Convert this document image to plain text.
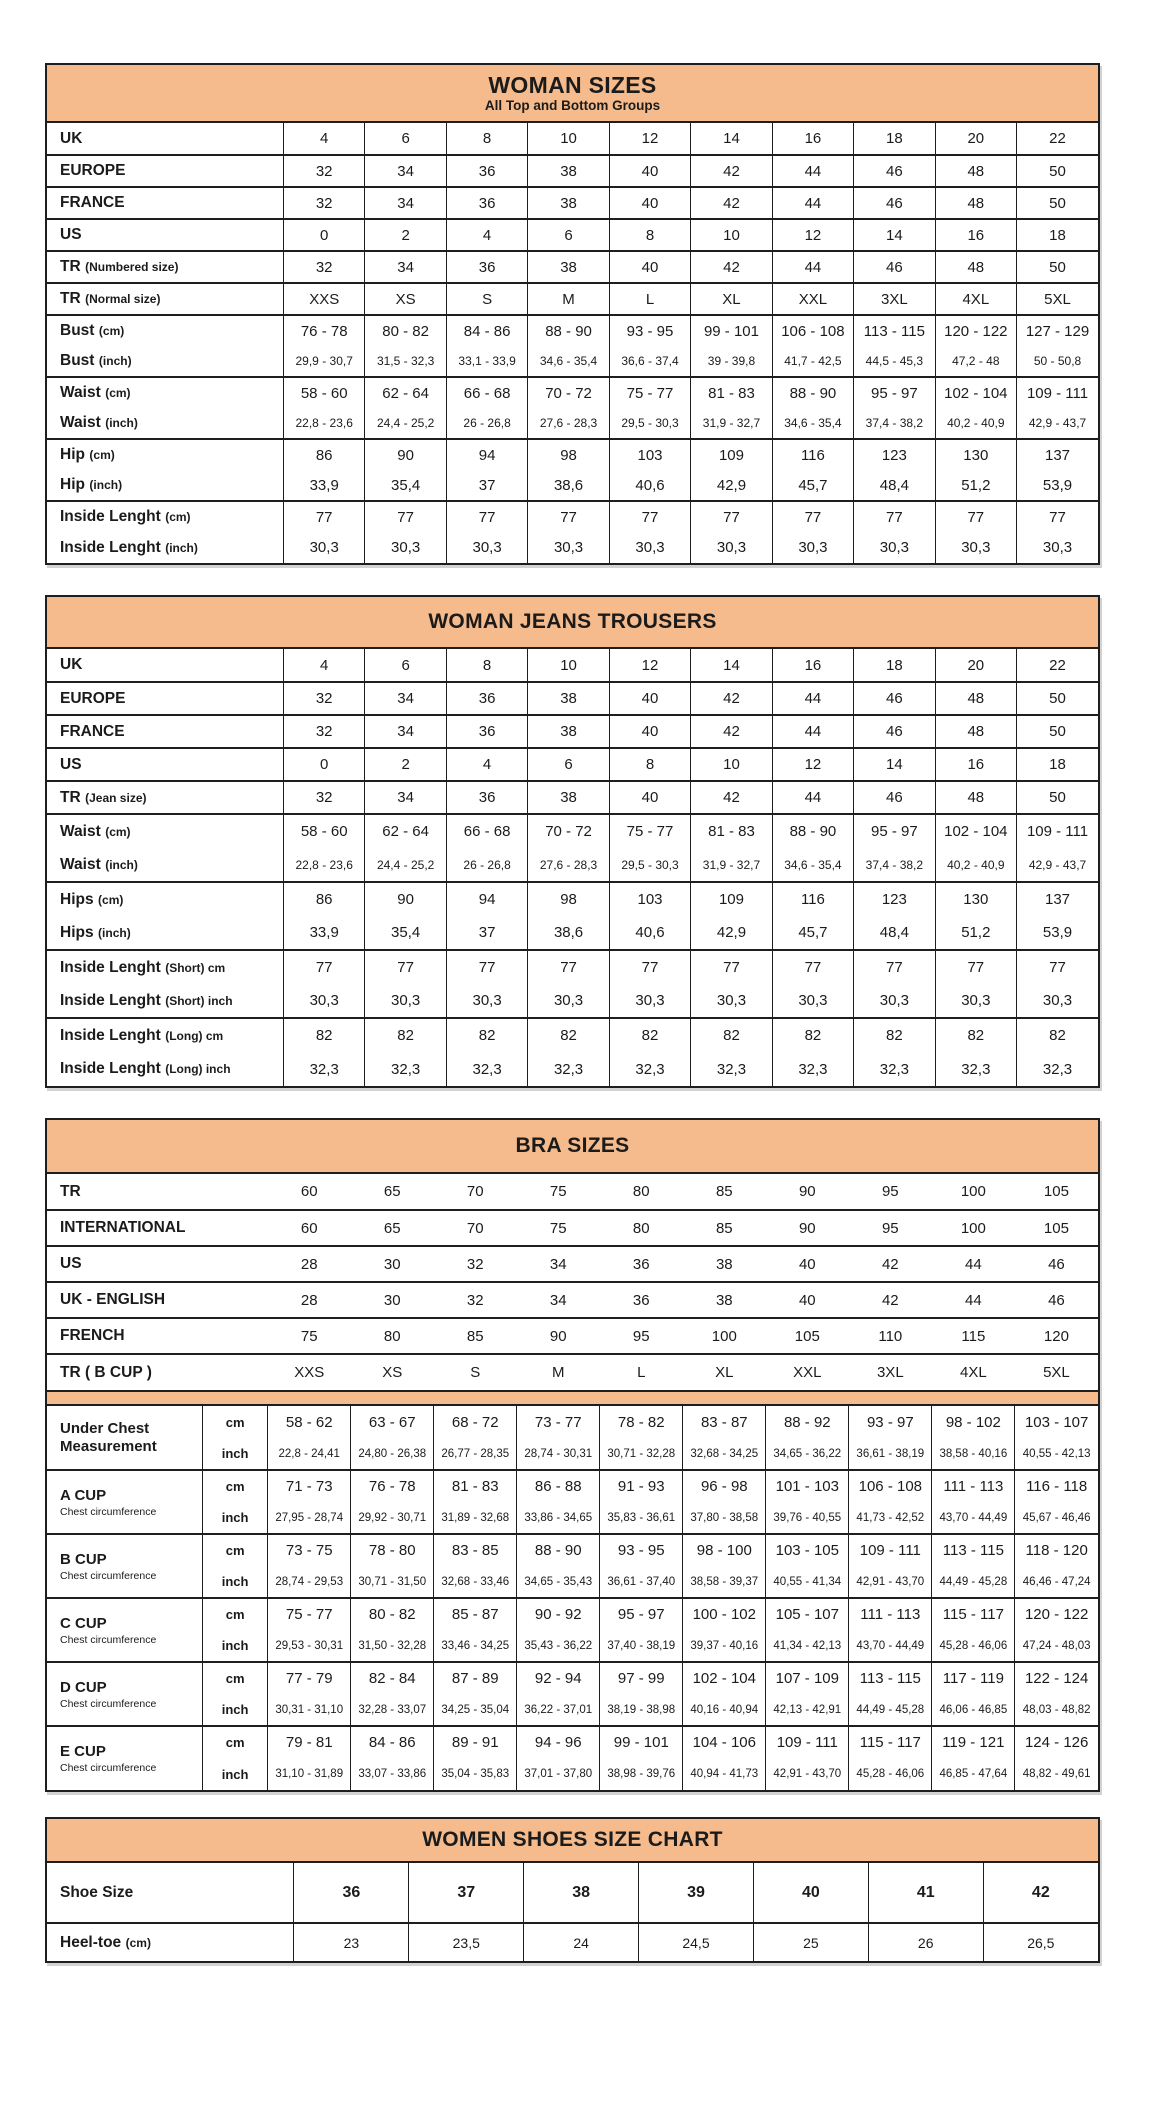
WOMAN SIZES

All Top and Bottom Groups

UK	4	6	8	10	12	14	16	18	20	22
EUROPE	32	34	36	38	40	42	44	46	48	50
FRANCE	32	34	36	38	40	42	44	46	48	50
US	0	2	4	6	8	10	12	14	16	18
TR (Numbered size)	32	34	36	38	40	42	44	46	48	50
TR (Normal size)	XXS	XS	S	M	L	XL	XXL	3XL	4XL	5XL
Bust (cm)	76 - 78	80 - 82	84 - 86	88 - 90	93 - 95	99 - 101	106 - 108	113 - 115	120 - 122	127 - 129
Bust (inch)	29,9 - 30,7	31,5 - 32,3	33,1 - 33,9	34,6 - 35,4	36,6 - 37,4	39 - 39,8	41,7 - 42,5	44,5 - 45,3	47,2 - 48	50 - 50,8
Waist (cm)	58 - 60	62 - 64	66 - 68	70 - 72	75 - 77	81 - 83	88 - 90	95 - 97	102 - 104	109 - 111
Waist (inch)	22,8 - 23,6	24,4 - 25,2	26 - 26,8	27,6 - 28,3	29,5 - 30,3	31,9 - 32,7	34,6 - 35,4	37,4 - 38,2	40,2 - 40,9	42,9 - 43,7
Hip (cm)	86	90	94	98	103	109	116	123	130	137
Hip (inch)	33,9	35,4	37	38,6	40,6	42,9	45,7	48,4	51,2	53,9
Inside Lenght (cm)	77	77	77	77	77	77	77	77	77	77
Inside Lenght (inch)	30,3	30,3	30,3	30,3	30,3	30,3	30,3	30,3	30,3	30,3
WOMAN JEANS TROUSERS
UK	4	6	8	10	12	14	16	18	20	22
EUROPE	32	34	36	38	40	42	44	46	48	50
FRANCE	32	34	36	38	40	42	44	46	48	50
US	0	2	4	6	8	10	12	14	16	18
TR (Jean size)	32	34	36	38	40	42	44	46	48	50
Waist (cm)	58 - 60	62 - 64	66 - 68	70 - 72	75 - 77	81 - 83	88 - 90	95 - 97	102 - 104	109 - 111
Waist (inch)	22,8 - 23,6	24,4 - 25,2	26 - 26,8	27,6 - 28,3	29,5 - 30,3	31,9 - 32,7	34,6 - 35,4	37,4 - 38,2	40,2 - 40,9	42,9 - 43,7
Hips (cm)	86	90	94	98	103	109	116	123	130	137
Hips (inch)	33,9	35,4	37	38,6	40,6	42,9	45,7	48,4	51,2	53,9
Inside Lenght (Short) cm	77	77	77	77	77	77	77	77	77	77
Inside Lenght (Short) inch	30,3	30,3	30,3	30,3	30,3	30,3	30,3	30,3	30,3	30,3
Inside Lenght (Long) cm	82	82	82	82	82	82	82	82	82	82
Inside Lenght (Long) inch	32,3	32,3	32,3	32,3	32,3	32,3	32,3	32,3	32,3	32,3
BRA SIZES
TR	60	65	70	75	80	85	90	95	100	105
INTERNATIONAL	60	65	70	75	80	85	90	95	100	105
US	28	30	32	34	36	38	40	42	44	46
UK - ENGLISH	28	30	32	34	36	38	40	42	44	46
FRENCH	75	80	85	90	95	100	105	110	115	120
TR ( B CUP )	XXS	XS	S	M	L	XL	XXL	3XL	4XL	5XL
Under Chest Measurement	cm	58 - 62	63 - 67	68 - 72	73 - 77	78 - 82	83 - 87	88 - 92	93 - 97	98 - 102	103 - 107
	inch	22,8 - 24,41	24,80 - 26,38	26,77 - 28,35	28,74 - 30,31	30,71 - 32,28	32,68 - 34,25	34,65 - 36,22	36,61 - 38,19	38,58 - 40,16	40,55 - 42,13
A CUP
Chest circumference	cm	71 - 73	76 - 78	81 - 83	86 - 88	91 - 93	96 - 98	101 - 103	106 - 108	111 - 113	116 - 118
	inch	27,95 - 28,74	29,92 - 30,71	31,89 - 32,68	33,86 - 34,65	35,83 - 36,61	37,80 - 38,58	39,76 - 40,55	41,73 - 42,52	43,70 - 44,49	45,67 - 46,46
B CUP
Chest circumference	cm	73 - 75	78 - 80	83 - 85	88 - 90	93 - 95	98 - 100	103 - 105	109 - 111	113 - 115	118 - 120
	inch	28,74 - 29,53	30,71 - 31,50	32,68 - 33,46	34,65 - 35,43	36,61 - 37,40	38,58 - 39,37	40,55 - 41,34	42,91 - 43,70	44,49 - 45,28	46,46 - 47,24
C CUP
Chest circumference	cm	75 - 77	80 - 82	85 - 87	90 - 92	95 - 97	100 - 102	105 - 107	111 - 113	115 - 117	120 - 122
	inch	29,53 - 30,31	31,50 - 32,28	33,46 - 34,25	35,43 - 36,22	37,40 - 38,19	39,37 - 40,16	41,34 - 42,13	43,70 - 44,49	45,28 - 46,06	47,24 - 48,03
D CUP
Chest circumference	cm	77 - 79	82 - 84	87 - 89	92 - 94	97 - 99	102 - 104	107 - 109	113 - 115	117 - 119	122 - 124
	inch	30,31 - 31,10	32,28 - 33,07	34,25 - 35,04	36,22 - 37,01	38,19 - 38,98	40,16 - 40,94	42,13 - 42,91	44,49 - 45,28	46,06 - 46,85	48,03 - 48,82
E CUP
Chest circumference	cm	79 - 81	84 - 86	89 - 91	94 - 96	99 - 101	104 - 106	109 - 111	115 - 117	119 - 121	124 - 126
	inch	31,10 - 31,89	33,07 - 33,86	35,04 - 35,83	37,01 - 37,80	38,98 - 39,76	40,94 - 41,73	42,91 - 43,70	45,28 - 46,06	46,85 - 47,64	48,82 - 49,61
WOMEN SHOES SIZE CHART
Shoe Size	36	37	38	39	40	41	42
Heel-toe (cm)	23	23,5	24	24,5	25	26	26,5
